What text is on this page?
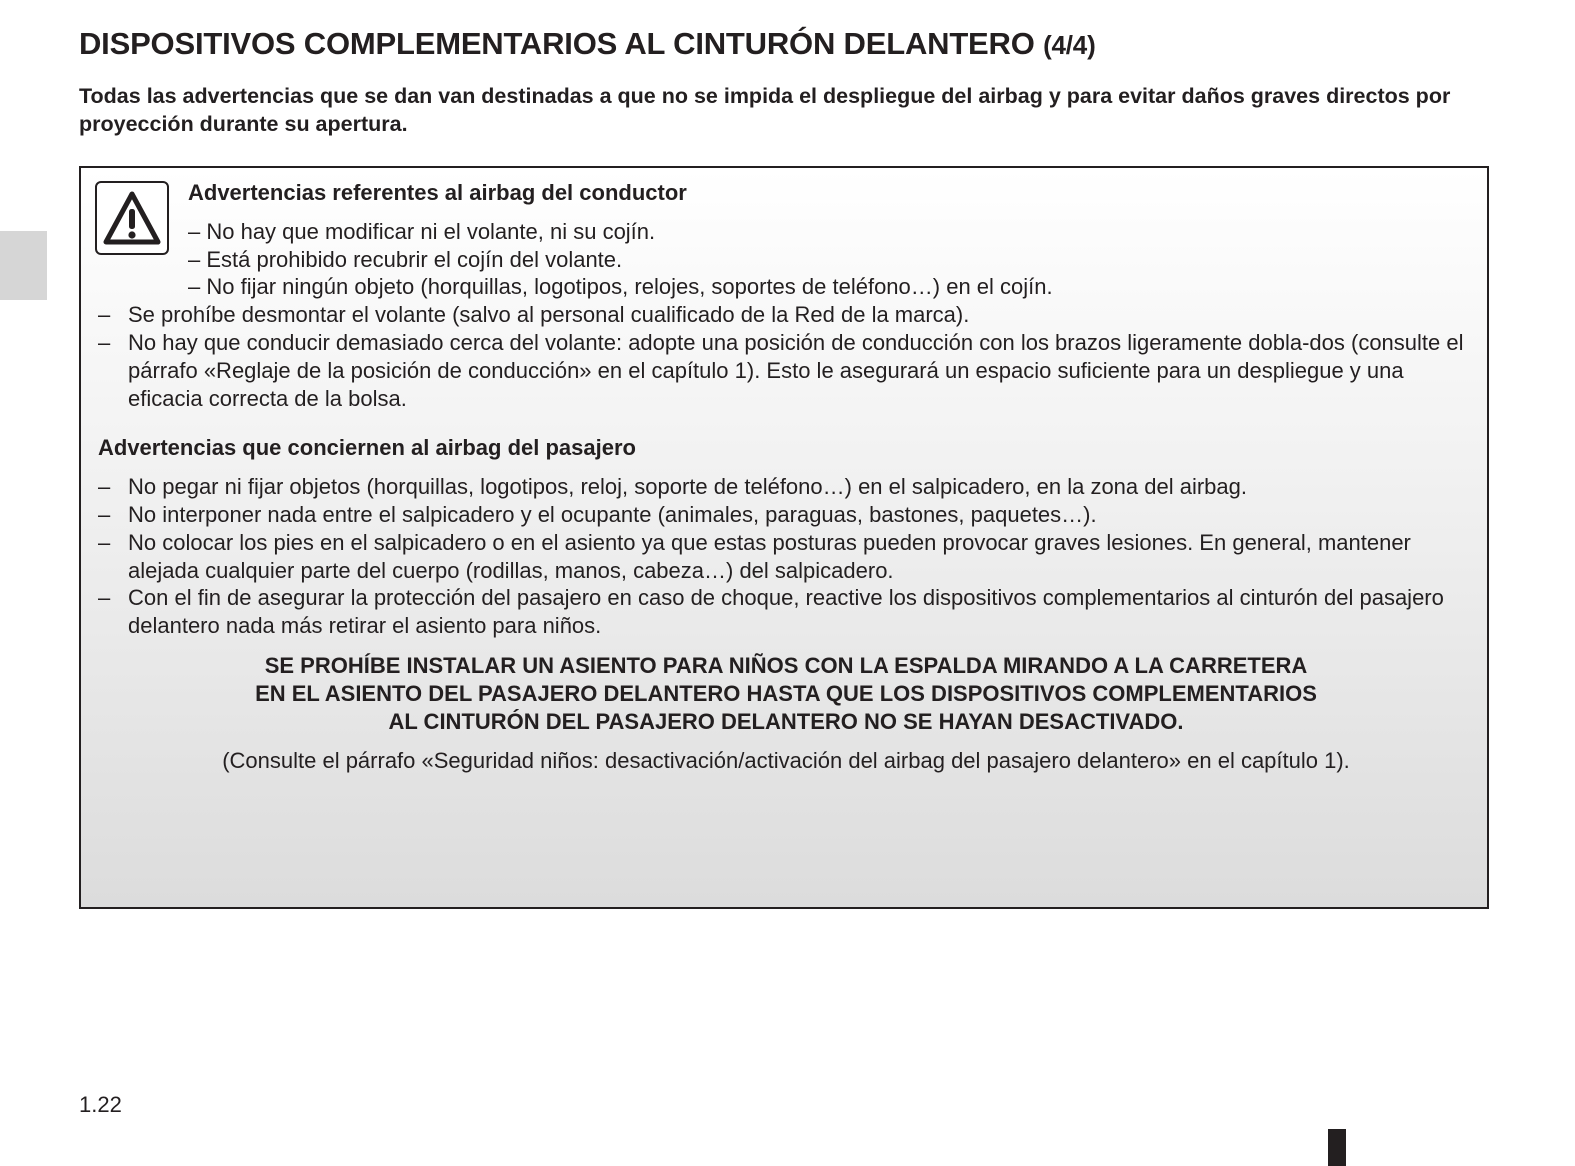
DISPOSITIVOS COMPLEMENTARIOS AL CINTURÓN DELANTERO (4/4)

Todas las advertencias que se dan van destinadas a que no se impida el despliegue del airbag y para evitar daños graves directos por proyección durante su apertura.

Advertencias referentes al airbag del conductor

– No hay que modificar ni el volante, ni su cojín.
– Está prohibido recubrir el cojín del volante.
– No fijar ningún objeto (horquillas, logotipos, relojes, soportes de teléfono…) en el cojín.
– Se prohíbe desmontar el volante (salvo al personal cualificado de la Red de la marca).
– No hay que conducir demasiado cerca del volante: adopte una posición de conducción con los brazos ligeramente dobla-dos (consulte el párrafo «Reglaje de la posición de conducción» en el capítulo 1). Esto le asegurará un espacio suficiente para un despliegue y una eficacia correcta de la bolsa.

Advertencias que conciernen al airbag del pasajero

– No pegar ni fijar objetos (horquillas, logotipos, reloj, soporte de teléfono…) en el salpicadero, en la zona del airbag.
– No interponer nada entre el salpicadero y el ocupante (animales, paraguas, bastones, paquetes…).
– No colocar los pies en el salpicadero o en el asiento ya que estas posturas pueden provocar graves lesiones. En general, mantener alejada cualquier parte del cuerpo (rodillas, manos, cabeza…) del salpicadero.
– Con el fin de asegurar la protección del pasajero en caso de choque, reactive los dispositivos complementarios al cinturón del pasajero delantero nada más retirar el asiento para niños.

SE PROHÍBE INSTALAR UN ASIENTO PARA NIÑOS CON LA ESPALDA MIRANDO A LA CARRETERA
EN EL ASIENTO DEL PASAJERO DELANTERO HASTA QUE LOS DISPOSITIVOS COMPLEMENTARIOS
AL CINTURÓN DEL PASAJERO DELANTERO NO SE HAYAN DESACTIVADO.

(Consulte el párrafo «Seguridad niños: desactivación/activación del airbag del pasajero delantero» en el capítulo 1).

1.22
